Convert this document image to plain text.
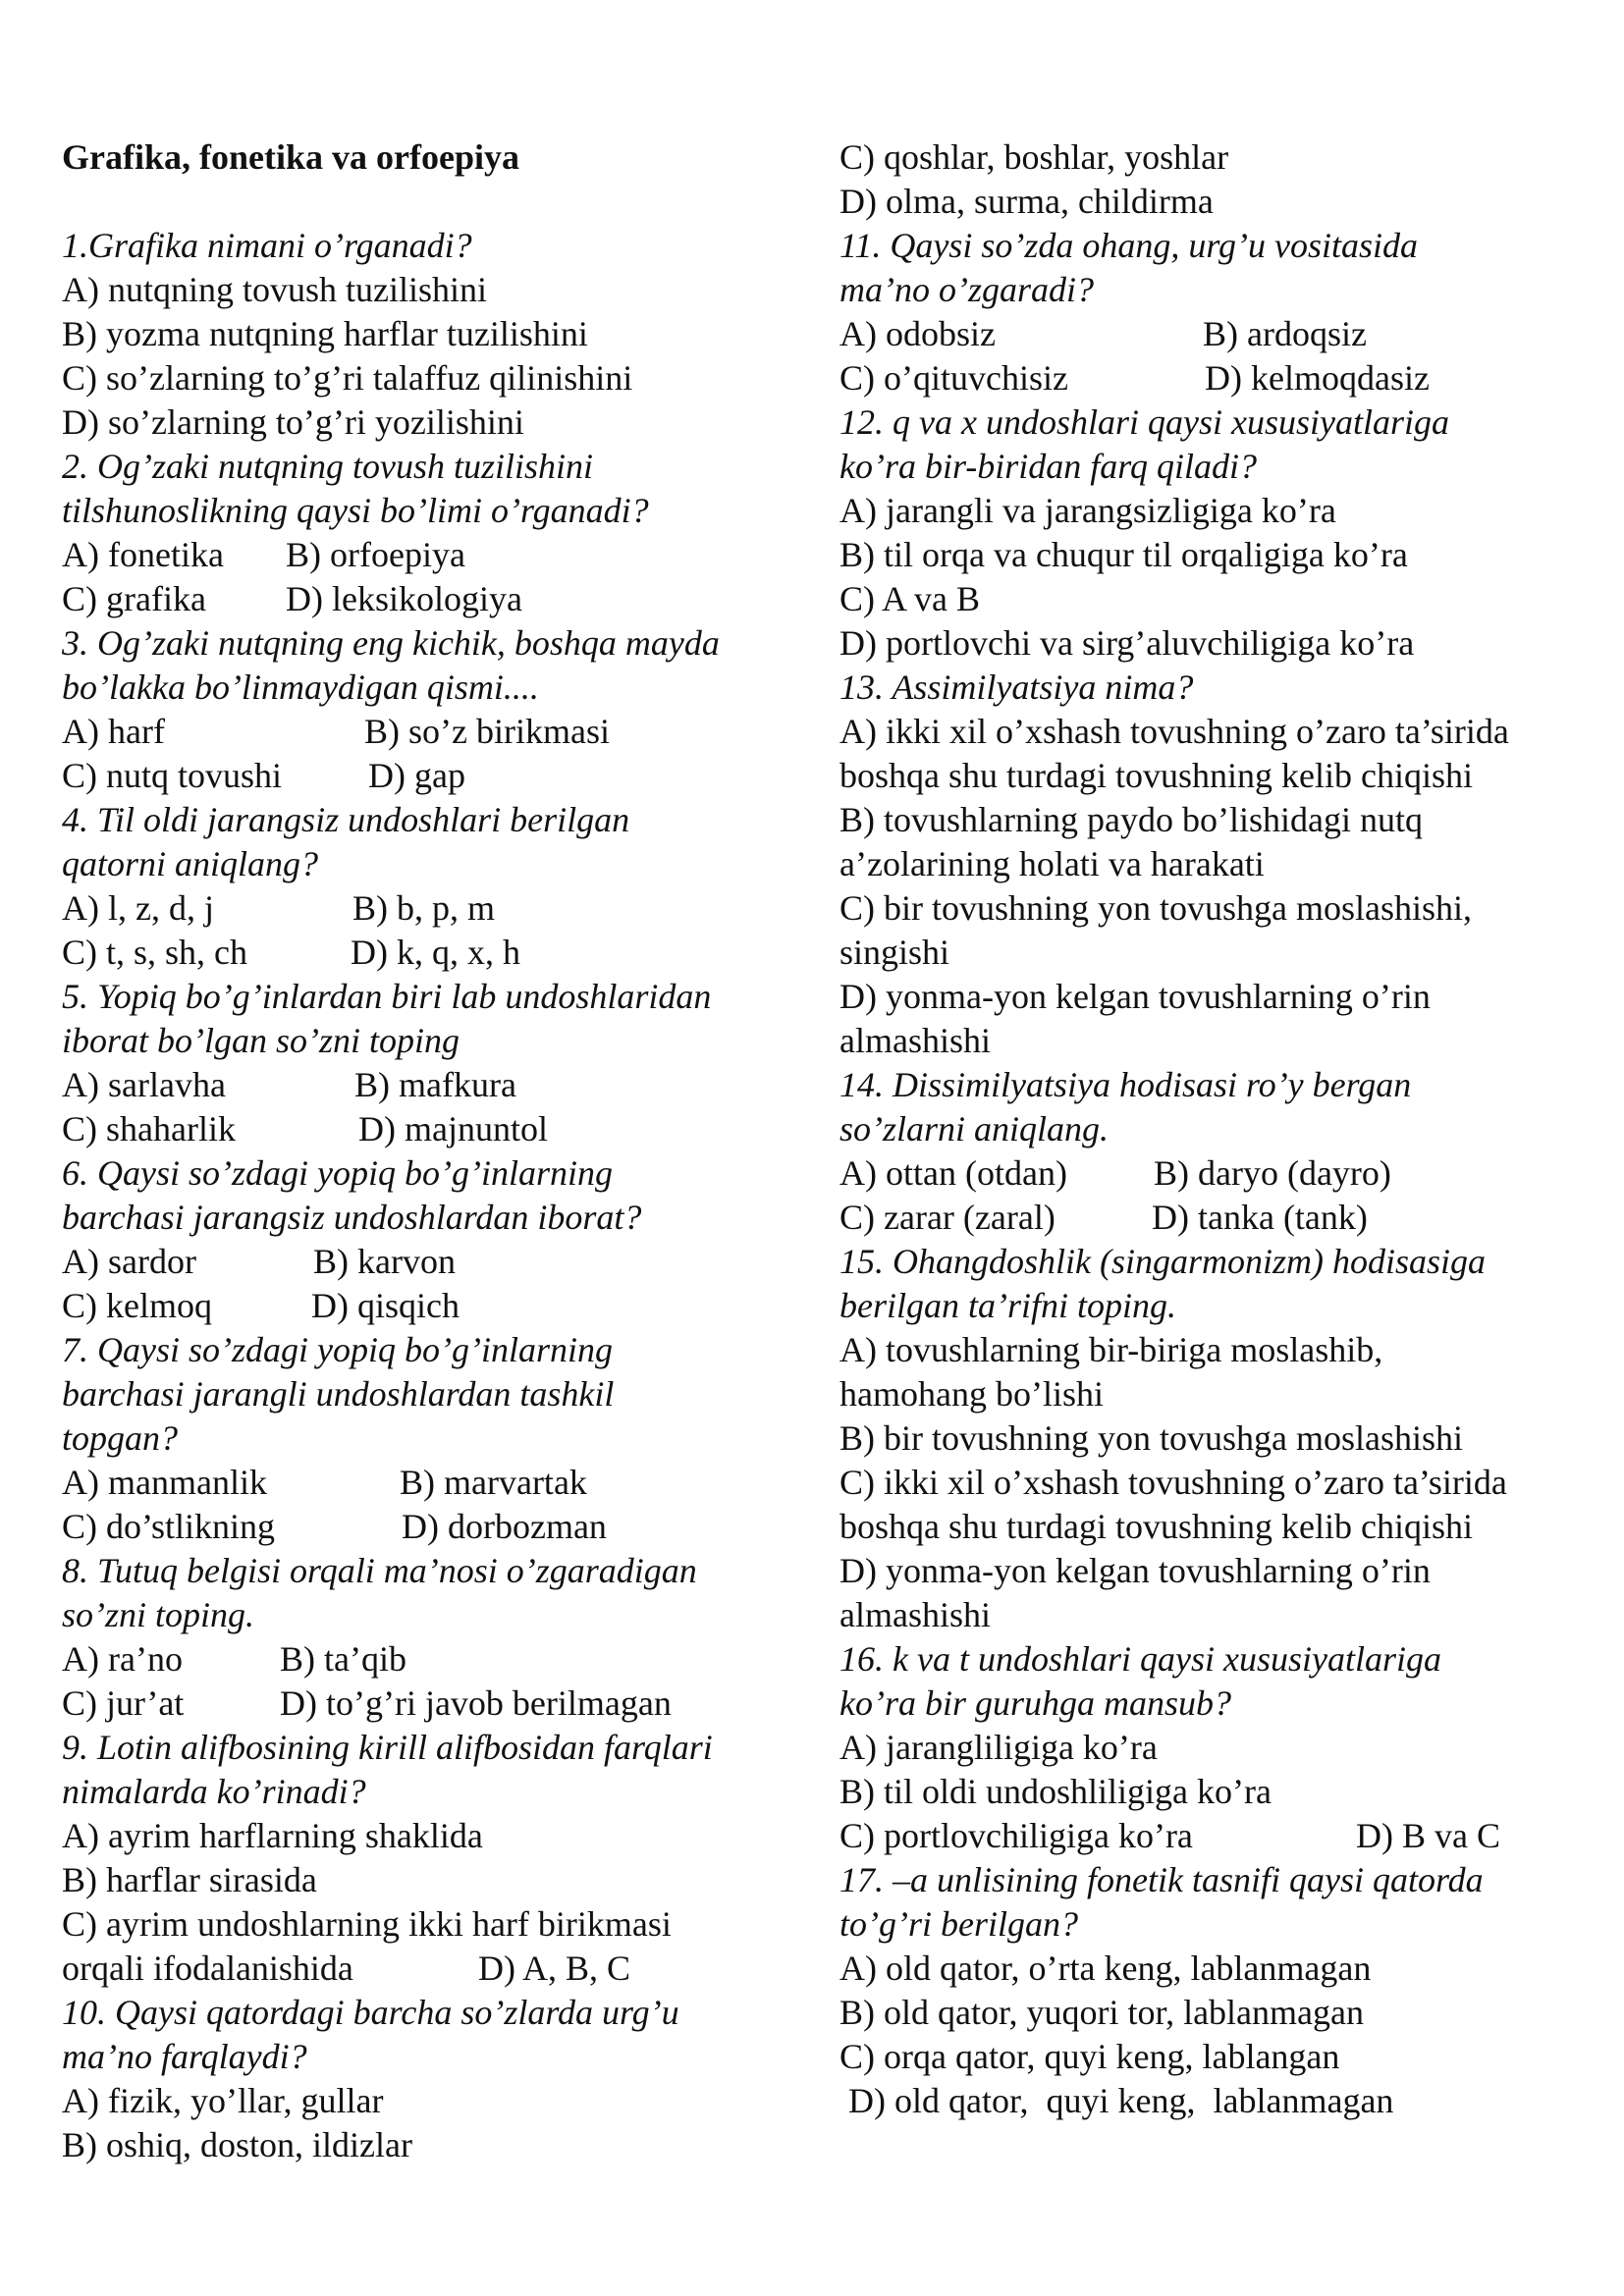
Grafika, fonetika va orfoepiya
1.Grafika nimani o’rganadi?
A) nutqning tovush tuzilishini
B) yozma nutqning harflar tuzilishini
C) so’zlarning to’g’ri talaffuz qilinishini
D) so’zlarning to’g’ri yozilishini
2. Og’zaki nutqning tovush tuzilishini
tilshunoslikning qaysi bo’limi o’rganadi?
A) fonetika B) orfoepiya
C) grafika D) leksikologiya
3. Og’zaki nutqning eng kichik, boshqa mayda
bo’lakka bo’linmaydigan qismi....
A) harf	B) so’z birikmasi
C) nutq tovushi D) gap
4. Til oldi jarangsiz undoshlari berilgan
qatorni aniqlang?
A) l, z, d, j	B) b, p, m
C) t, s, sh, ch	D) k, q, x, h
5. Yopiq bo’g’inlardan biri lab undoshlaridan
iborat bo’lgan so’zni toping
A) sarlavha	B) mafkura
C) shaharlik	D) majnuntol
6. Qaysi so’zdagi yopiq bo’g’inlarning
barchasi jarangsiz undoshlardan iborat?
A) sardor	B) karvon
C) kelmoq	D) qisqich
7. Qaysi so’zdagi yopiq bo’g’inlarning
barchasi jarangli undoshlardan tashkil
topgan?
A) manmanlik	B) marvartak
C) do’stlikning	D) dorbozman
8. Tutuq belgisi orqali ma’nosi o’zgaradigan
so’zni toping.
A) ra’no	B) ta’qib
C) jur’at	D) to’g’ri javob berilmagan
9. Lotin alifbosining kirill alifbosidan farqlari
nimalarda ko’rinadi?
A) ayrim harflarning shaklida
B) harflar sirasida
C) ayrim undoshlarning ikki harf birikmasi
orqali ifodalanishida	D) A, B, C
10. Qaysi qatordagi barcha so’zlarda urg’u
ma’no farqlaydi?
A) fizik, yo’llar, gullar
B) oshiq, doston, ildizlar
C) qoshlar, boshlar, yoshlar
D) olma, surma, childirma
11. Qaysi so’zda ohang, urg’u vositasida
ma’no o’zgaradi?
A) odobsiz	B) ardoqsiz
C) o’qituvchisiz	D) kelmoqdasiz
12. q va x undoshlari qaysi xususiyatlariga
ko’ra bir-biridan farq qiladi?
A) jarangli va jarangsizligiga ko’ra
B) til orqa va chuqur til orqaligiga ko’ra
C) A va B
D) portlovchi va sirg’aluvchiligiga ko’ra
13. Assimilyatsiya nima?
A) ikki xil o’xshash tovushning o’zaro ta’sirida
boshqa shu turdagi tovushning kelib chiqishi
B) tovushlarning paydo bo’lishidagi nutq
a’zolarining holati va harakati
C) bir tovushning yon tovushga moslashishi,
singishi
D) yonma-yon kelgan tovushlarning o’rin
almashishi
14. Dissimilyatsiya hodisasi ro’y bergan
so’zlarni aniqlang.
A) ottan (otdan) B) daryo (dayro)
C) zarar (zaral)	D) tanka (tank)
15. Ohangdoshlik (singarmonizm) hodisasiga
berilgan ta’rifni toping.
A) tovushlarning bir-biriga moslashib,
hamohang bo’lishi
B) bir tovushning yon tovushga moslashishi
C) ikki xil o’xshash tovushning o’zaro ta’sirida
boshqa shu turdagi tovushning kelib chiqishi
D) yonma-yon kelgan tovushlarning o’rin
almashishi
16. k va t undoshlari qaysi xususiyatlariga
ko’ra bir guruhga mansub?
A) jarangliligiga ko’ra
B) til oldi undoshliligiga ko’ra
C) portlovchiligiga ko’ra	D) B va C
17. –a unlisining fonetik tasnifi qaysi qatorda
to’g’ri berilgan?
A) old qator, o’rta keng, lablanmagan
B) old qator, yuqori tor, lablanmagan
C) orqa qator, quyi keng, lablangan
D) old qator,  quyi keng,  lablanmagan
